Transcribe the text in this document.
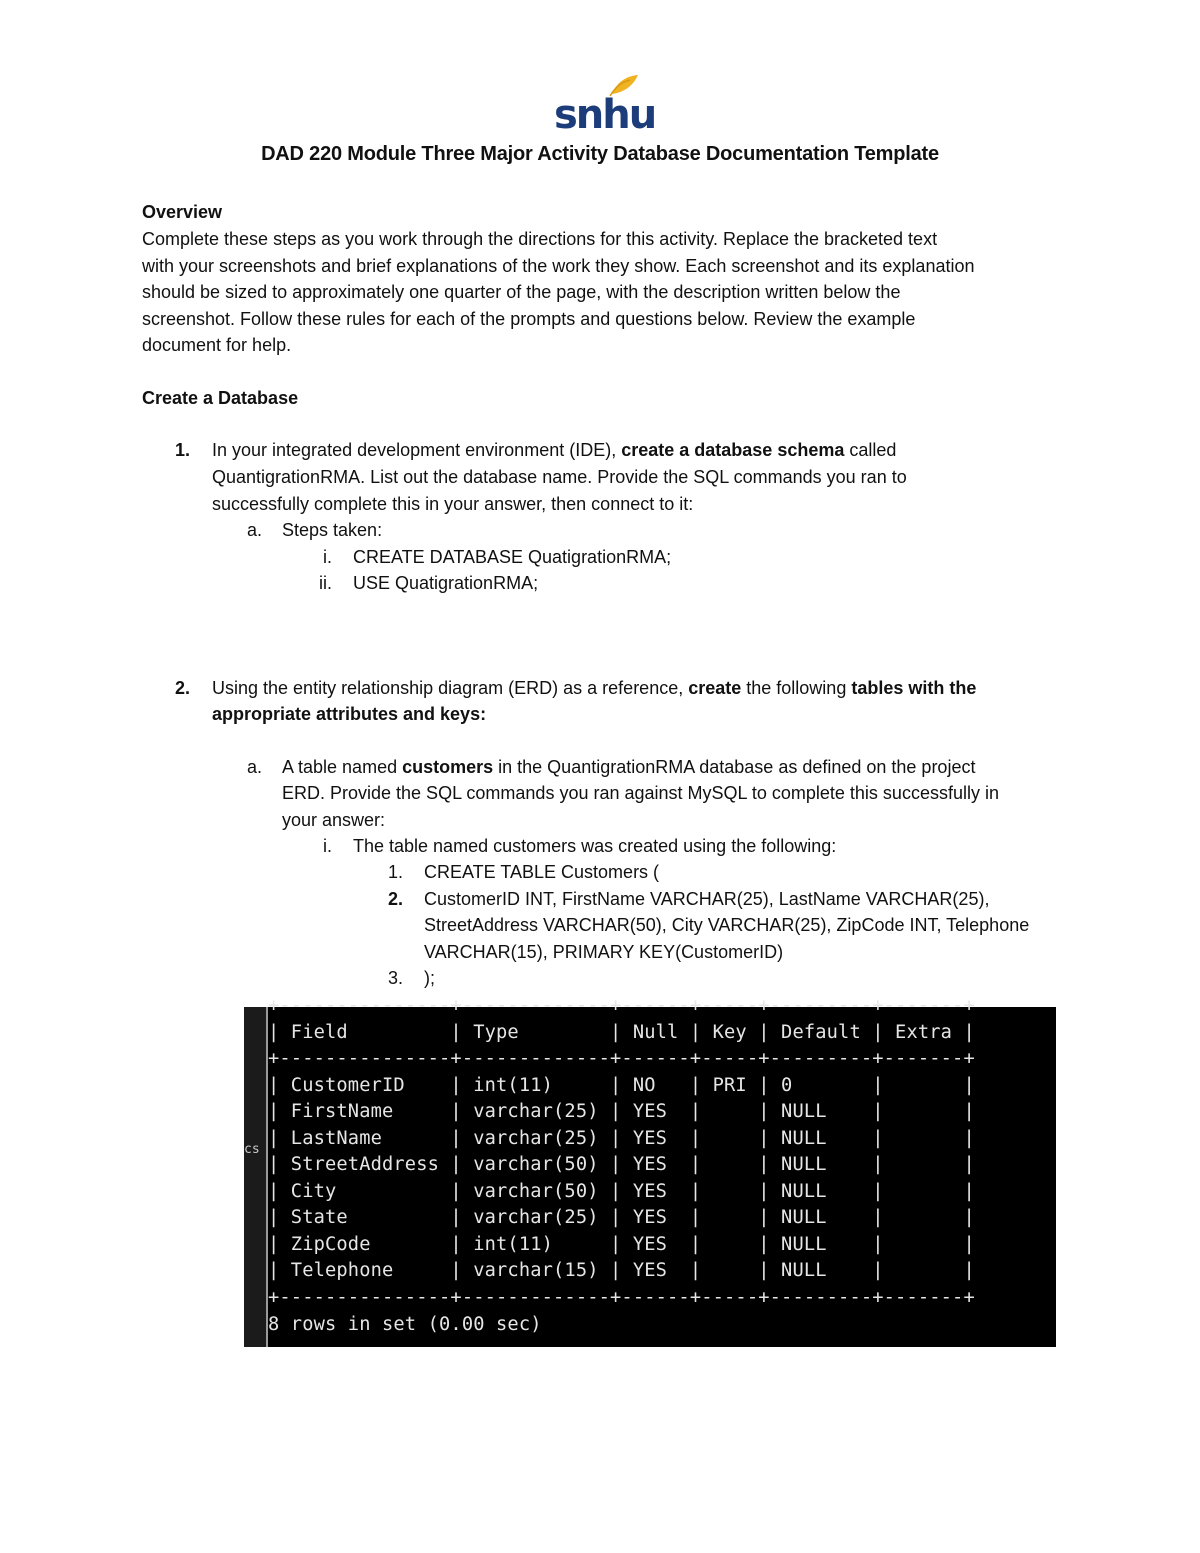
snhu
DAD 220 Module Three Major Activity Database Documentation Template
Overview
Complete these steps as you work through the directions for this activity. Replace the bracketed text
with your screenshots and brief explanations of the work they show. Each screenshot and its explanation
should be sized to approximately one quarter of the page, with the description written below the
screenshot. Follow these rules for each of the prompts and questions below. Review the example
document for help.
Create a Database
1. In your integrated development environment (IDE), create a database schema called
QuantigrationRMA. List out the database name. Provide the SQL commands you ran to
successfully complete this in your answer, then connect to it:
a. Steps taken:
i. CREATE DATABASE QuatigrationRMA;
ii. USE QuatigrationRMA;
2. Using the entity relationship diagram (ERD) as a reference, create the following tables with the
appropriate attributes and keys:
a. A table named customers in the QuantigrationRMA database as defined on the project
ERD. Provide the SQL commands you ran against MySQL to complete this successfully in
your answer:
i. The table named customers was created using the following:
1. CREATE TABLE Customers (
2. CustomerID INT, FirstName VARCHAR(25), LastName VARCHAR(25),
StreetAddress VARCHAR(50), City VARCHAR(25), ZipCode INT, Telephone
VARCHAR(15), PRIMARY KEY(CustomerID)
3. );
cs
+---------------+-------------+------+-----+---------+-------+
| Field         | Type        | Null | Key | Default | Extra |
+---------------+-------------+------+-----+---------+-------+
| CustomerID    | int(11)     | NO   | PRI | 0       |       |
| FirstName     | varchar(25) | YES  |     | NULL    |       |
| LastName      | varchar(25) | YES  |     | NULL    |       |
| StreetAddress | varchar(50) | YES  |     | NULL    |       |
| City          | varchar(50) | YES  |     | NULL    |       |
| State         | varchar(25) | YES  |     | NULL    |       |
| ZipCode       | int(11)     | YES  |     | NULL    |       |
| Telephone     | varchar(15) | YES  |     | NULL    |       |
+---------------+-------------+------+-----+---------+-------+
8 rows in set (0.00 sec)
